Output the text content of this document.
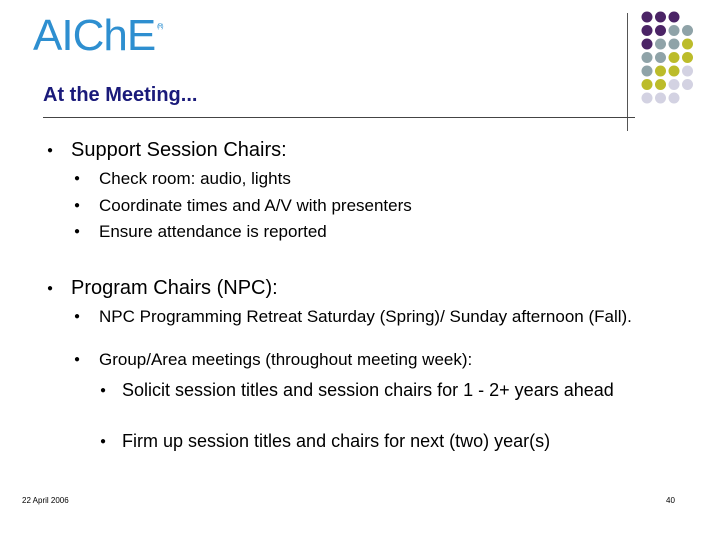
AIChE $^{(R)}$
At the Meeting...
● Support Session Chairs:
● Check room: audio, lights
● Coordinate times and A/V with presenters
● Ensure attendance is reported
● Program Chairs (NPC):
● NPC Programming Retreat Saturday (Spring)/ Sunday afternoon (Fall).
● Group/Area meetings (throughout meeting week):
● Solicit session titles and session chairs for 1 - 2+ years ahead
● Firm up session titles and chairs for next (two) year(s)
22 April 2006	40
